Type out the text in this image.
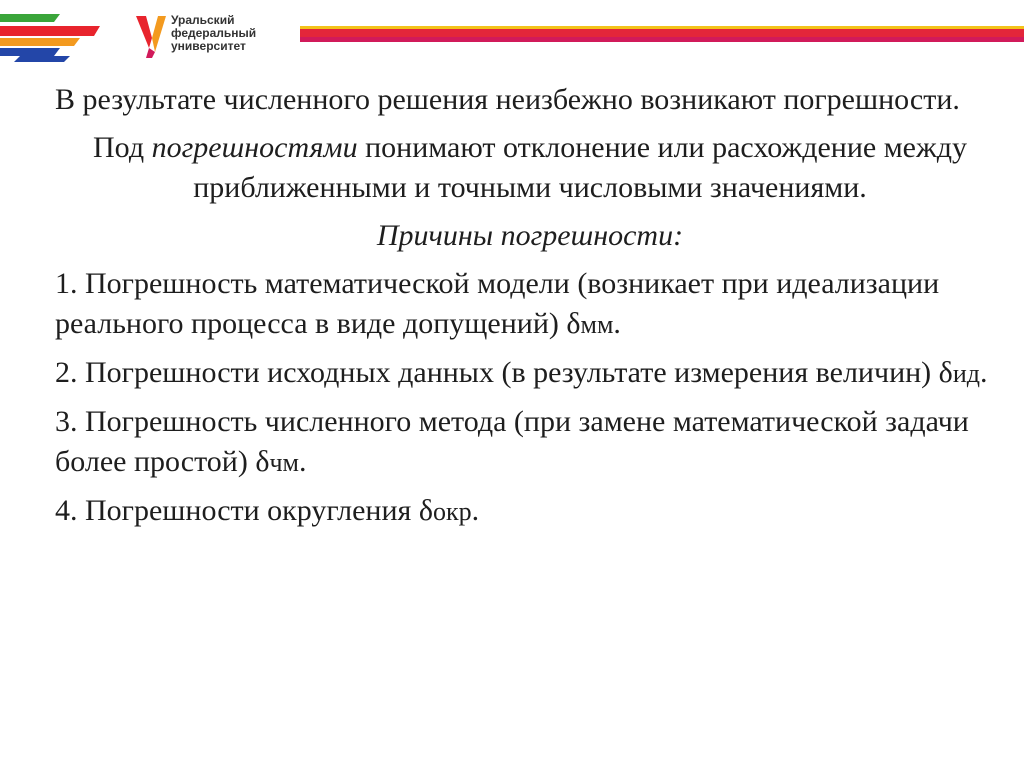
Уральский
федеральный
университет

В результате численного решения неизбежно возникают погрешности.

Под погрешностями понимают отклонение или расхождение между приближенными и точными числовыми значениями.

Причины погрешности:

1. Погрешность математической модели (возникает при идеализации реального процесса в виде допущений) δмм.

2. Погрешности исходных данных (в результате измерения величин) δид.

3. Погрешность численного метода (при замене математической задачи более простой) δчм.

4. Погрешности округления δокр.
